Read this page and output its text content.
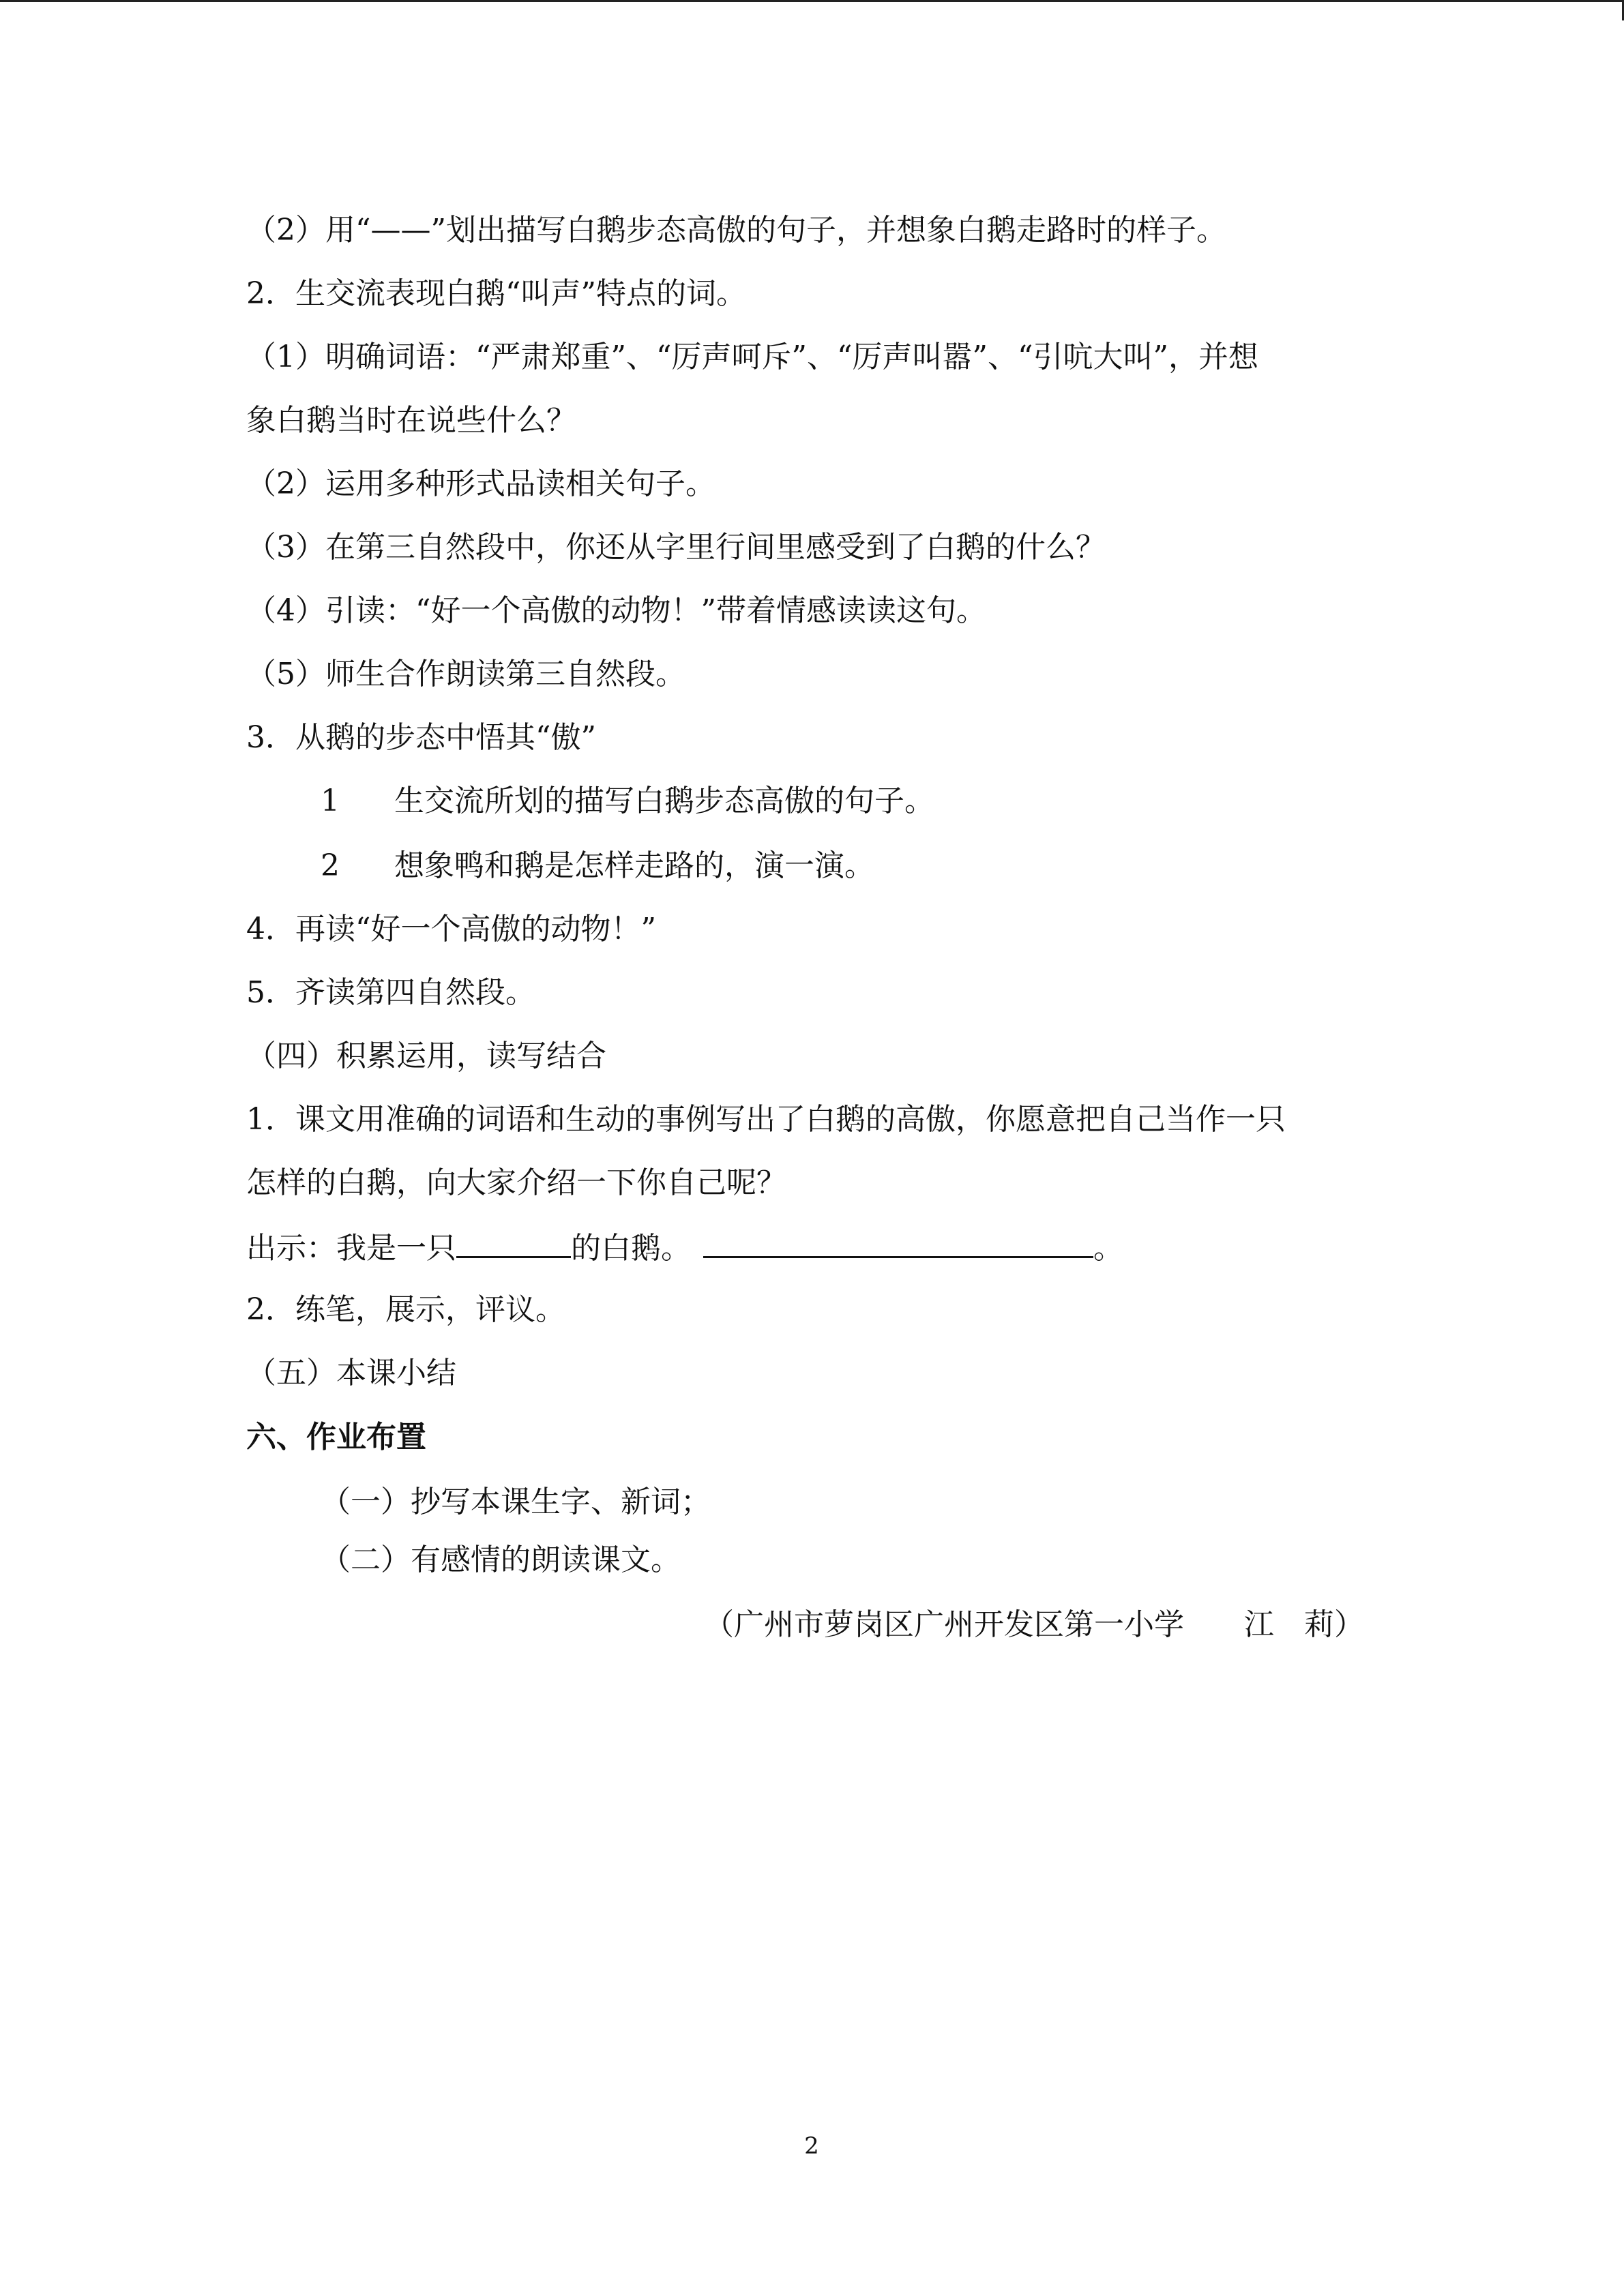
（2）用“——”划出描写白鹅步态高傲的句子，并想象白鹅走路时的样子。
2．生交流表现白鹅“叫声”特点的词。
（1）明确词语：“严肃郑重”、“厉声呵斥”、“厉声叫嚣”、“引吭大叫”，并想
象白鹅当时在说些什么？
（2）运用多种形式品读相关句子。
（3）在第三自然段中，你还从字里行间里感受到了白鹅的什么？
（4）引读：“好一个高傲的动物！”带着情感读读这句。
（5）师生合作朗读第三自然段。
3．从鹅的步态中悟其“傲”
1 生交流所划的描写白鹅步态高傲的句子。
2 想象鸭和鹅是怎样走路的，演一演。
4．再读“好一个高傲的动物！”
5．齐读第四自然段。
（四）积累运用，读写结合
1．课文用准确的词语和生动的事例写出了白鹅的高傲，你愿意把自己当作一只
怎样的白鹅，向大家介绍一下你自己呢？
出示：我是一只	的白鹅。	。
2．练笔，展示，评议。
（五）本课小结
六、作业布置
（一）抄写本课生字、新词；
（二）有感情的朗读课文。
（广州市萝岗区广州开发区第一小学　　江　莉）
2
